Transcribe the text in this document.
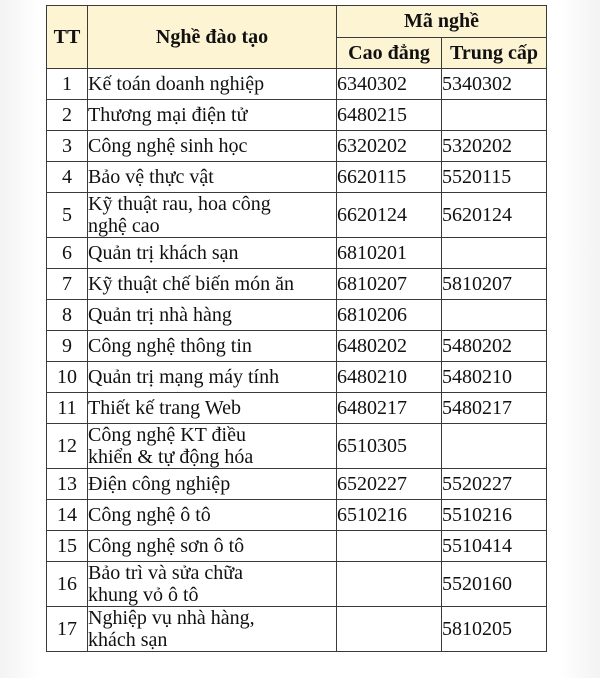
TT	Nghề đào tạo	Mã nghề	
		Cao đẳng	Trung cấp
1	Kế toán doanh nghiệp	6340302	5340302
2	Thương mại điện tử	6480215	
3	Công nghệ sinh học	6320202	5320202
4	Bảo vệ thực vật	6620115	5520115
5	Kỹ thuật rau, hoa công
nghệ cao	6620124	5620124
6	Quản trị khách sạn	6810201	
7	Kỹ thuật chế biến món ăn	6810207	5810207
8	Quản trị nhà hàng	6810206	
9	Công nghệ thông tin	6480202	5480202
10	Quản trị mạng máy tính	6480210	5480210
11	Thiết kế trang Web	6480217	5480217
12	Công nghệ KT điều
khiển & tự động hóa	6510305	
13	Điện công nghiệp	6520227	5520227
14	Công nghệ ô tô	6510216	5510216
15	Công nghệ sơn ô tô		5510414
16	Bảo trì và sửa chữa
khung vỏ ô tô		5520160
17	Nghiệp vụ nhà hàng,
khách sạn		5810205
